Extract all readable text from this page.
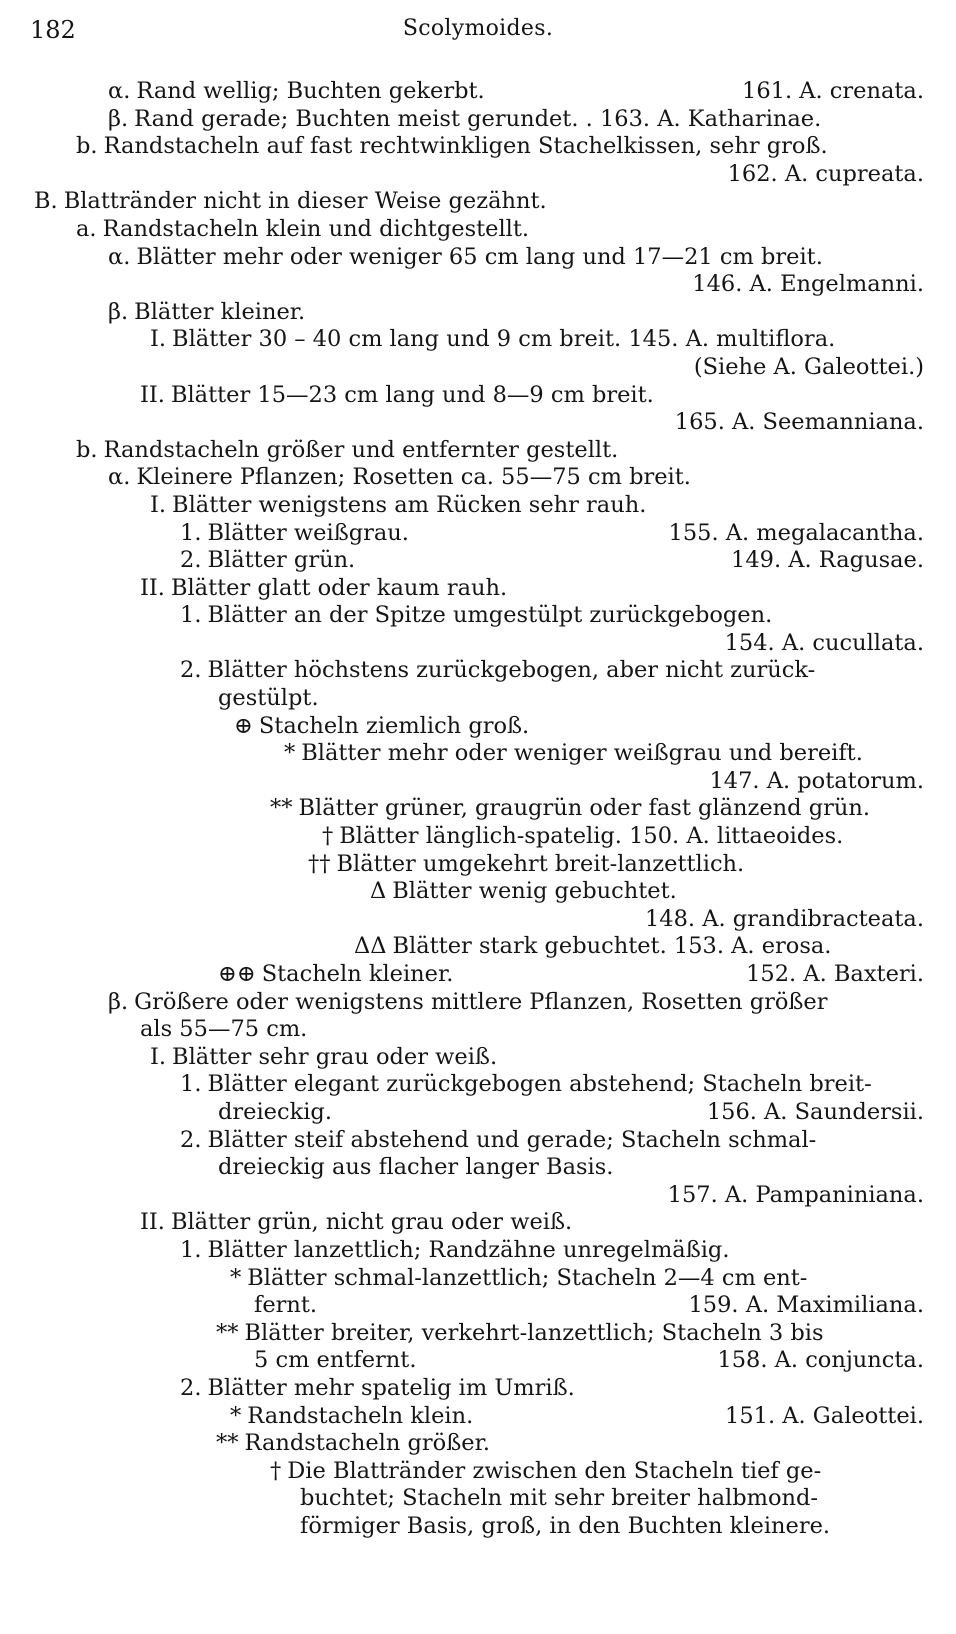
182	Scolymoides.
α. Rand wellig; Buchten gekerbt.	161. A. crenata.
β. Rand gerade; Buchten meist gerundet. . 163. A. Katharinae.
b. Randstacheln auf fast rechtwinkligen Stachelkissen, sehr groß.
162. A. cupreata.
B. Blattränder nicht in dieser Weise gezähnt.
a. Randstacheln klein und dichtgestellt.
α. Blätter mehr oder weniger 65 cm lang und 17—21 cm breit.
146. A. Engelmanni.
β. Blätter kleiner.
I. Blätter 30 – 40 cm lang und 9 cm breit. 145. A. multiflora.
(Siehe A. Galeottei.)
II. Blätter 15—23 cm lang und 8—9 cm breit.
165. A. Seemanniana.
b. Randstacheln größer und entfernter gestellt.
α. Kleinere Pflanzen; Rosetten ca. 55—75 cm breit.
I. Blätter wenigstens am Rücken sehr rauh.
1. Blätter weißgrau.	155. A. megalacantha.
2. Blätter grün.	149. A. Ragusae.
II. Blätter glatt oder kaum rauh.
1. Blätter an der Spitze umgestülpt zurückgebogen.
154. A. cucullata.
2. Blätter höchstens zurückgebogen, aber nicht zurück-
gestülpt.
⊕ Stacheln ziemlich groß.
* Blätter mehr oder weniger weißgrau und bereift.
147. A. potatorum.
** Blätter grüner, graugrün oder fast glänzend grün.
† Blätter länglich-spatelig. 150. A. littaeoides.
†† Blätter umgekehrt breit-lanzettlich.
Δ Blätter wenig gebuchtet.
148. A. grandibracteata.
ΔΔ Blätter stark gebuchtet. 153. A. erosa.
⊕⊕ Stacheln kleiner.	152. A. Baxteri.
β. Größere oder wenigstens mittlere Pflanzen, Rosetten größer
als 55—75 cm.
I. Blätter sehr grau oder weiß.
1. Blätter elegant zurückgebogen abstehend; Stacheln breit-
dreieckig.	156. A. Saundersii.
2. Blätter steif abstehend und gerade; Stacheln schmal-
dreieckig aus flacher langer Basis.
157. A. Pampaniniana.
II. Blätter grün, nicht grau oder weiß.
1. Blätter lanzettlich; Randzähne unregelmäßig.
* Blätter schmal-lanzettlich; Stacheln 2—4 cm ent-
fernt.	159. A. Maximiliana.
** Blätter breiter, verkehrt-lanzettlich; Stacheln 3 bis
5 cm entfernt.	158. A. conjuncta.
2. Blätter mehr spatelig im Umriß.
* Randstacheln klein.	151. A. Galeottei.
** Randstacheln größer.
† Die Blattränder zwischen den Stacheln tief ge-
buchtet; Stacheln mit sehr breiter halbmond-
förmiger Basis, groß, in den Buchten kleinere.
